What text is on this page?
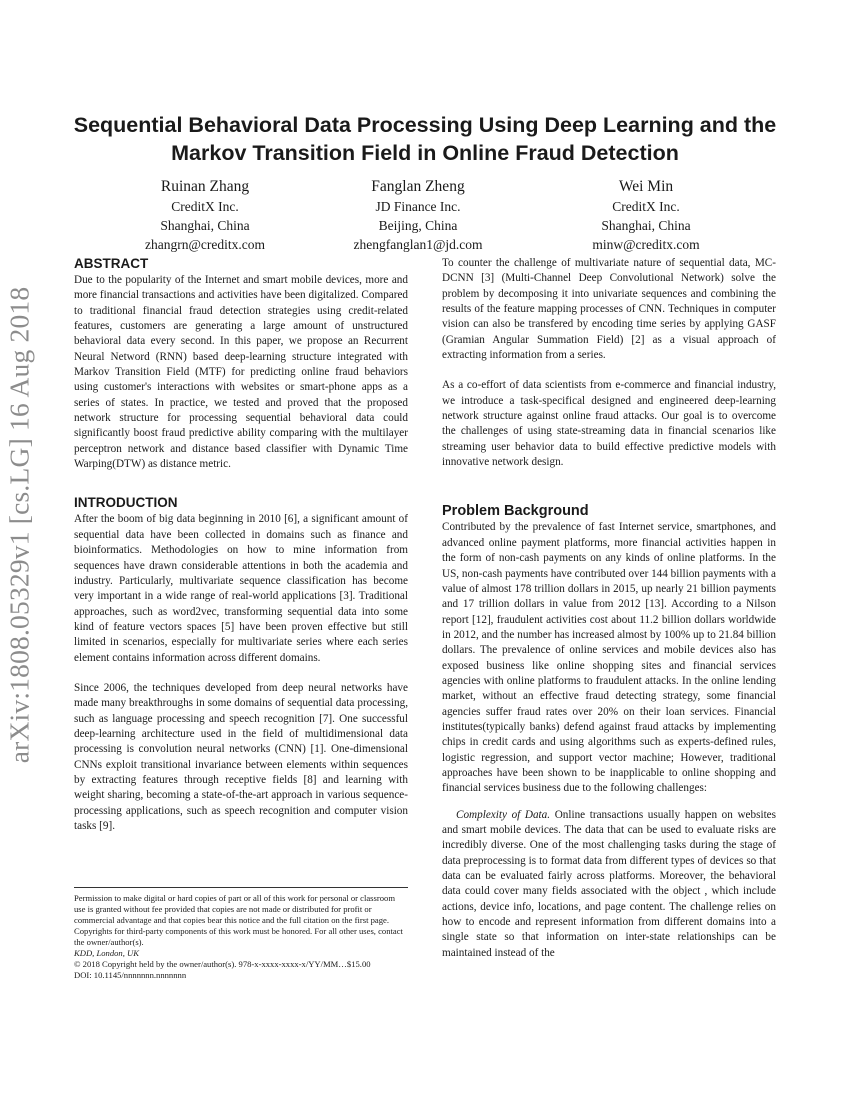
arXiv:1808.05329v1 [cs.LG] 16 Aug 2018
Sequential Behavioral Data Processing Using Deep Learning and the Markov Transition Field in Online Fraud Detection
Ruinan Zhang
CreditX Inc.
Shanghai, China
zhangrn@creditx.com
Fanglan Zheng
JD Finance Inc.
Beijing, China
zhengfanglan1@jd.com
Wei Min
CreditX Inc.
Shanghai, China
minw@creditx.com
ABSTRACT

Due to the popularity of the Internet and smart mobile devices, more and more financial transactions and activities have been digitalized. Compared to traditional financial fraud detection strategies using credit-related features, customers are generating a large amount of unstructured behavioral data every second. In this paper, we propose an Recurrent Neural Netword (RNN) based deep-learning structure integrated with Markov Transition Field (MTF) for predicting online fraud behaviors using customer's interactions with websites or smart-phone apps as a series of states. In practice, we tested and proved that the proposed network structure for processing sequential behavioral data could significantly boost fraud predictive ability comparing with the multilayer perceptron network and distance based classifier with Dynamic Time Warping(DTW) as distance metric.

INTRODUCTION

After the boom of big data beginning in 2010 [6], a significant amount of sequential data have been collected in domains such as finance and bioinformatics. Methodologies on how to mine information from sequences have drawn considerable attentions in both the academia and industry. Particularly, multivariate sequence classification has become very important in a wide range of real-world applications [3]. Traditional approaches, such as word2vec, transforming sequential data into some kind of feature vectors spaces [5] have been proven effective but still limited in scenarios, especially for multivariate series where each series element contains information across different domains.

Since 2006, the techniques developed from deep neural networks have made many breakthroughs in some domains of sequential data processing, such as language processing and speech recognition [7]. One successful deep-learning architecture used in the field of multidimensional data processing is convolution neural networks (CNN) [1]. One-dimensional CNNs exploit transitional invariance between elements within sequences by extracting features through receptive fields [8] and learning with weight sharing, becoming a state-of-the-art approach in various sequence-processing applications, such as speech recognition and computer vision tasks [9].

Permission to make digital or hard copies of part or all of this work for personal or classroom use is granted without fee provided that copies are not made or distributed for profit or commercial advantage and that copies bear this notice and the full citation on the first page. Copyrights for third-party components of this work must be honored. For all other uses, contact the owner/author(s).

KDD, London, UK

© 2018 Copyright held by the owner/author(s). 978-x-xxxx-xxxx-x/YY/MM…$15.00

DOI: 10.1145/nnnnnnn.nnnnnnn

To counter the challenge of multivariate nature of sequential data, MC-DCNN [3] (Multi-Channel Deep Convolutional Network) solve the problem by decomposing it into univariate sequences and combining the results of the feature mapping processes of CNN. Techniques in computer vision can also be transfered by encoding time series by applying GASF (Gramian Angular Summation Field) [2] as a visual approach of extracting information from a series.

As a co-effort of data scientists from e-commerce and financial industry, we introduce a task-specifical designed and engineered deep-learning network structure against online fraud attacks. Our goal is to overcome the challenges of using state-streaming data in financial scenarios like streaming user behavior data to build effective predictive models with innovative network design.

Problem Background

Contributed by the prevalence of fast Internet service, smartphones, and advanced online payment platforms, more financial activities happen in the form of non-cash payments on any kinds of online platforms. In the US, non-cash payments have contributed over 144 billion payments with a value of almost 178 trillion dollars in 2015, up nearly 21 billion payments and 17 trillion dollars in value from 2012 [13]. According to a Nilson report [12], fraudulent activities cost about 11.2 billion dollars worldwide in 2012, and the number has increased almost by 100% up to 21.84 billion dollars. The prevalence of online services and mobile devices also has exposed business like online shopping sites and financial services agencies with online platforms to fraudulent attacks. In the online lending market, without an effective fraud detecting strategy, some financial agencies suffer fraud rates over 20% on their loan services. Financial institutes(typically banks) defend against fraud attacks by implementing chips in credit cards and using algorithms such as experts-defined rules, logistic regression, and support vector machine; However, traditional approaches have been shown to be inapplicable to online shopping and financial services business due to the following challenges:

Complexity of Data. Online transactions usually happen on websites and smart mobile devices. The data that can be used to evaluate risks are incredibly diverse. One of the most challenging tasks during the stage of data preprocessing is to format data from different types of devices so that data can be evaluated fairly across platforms. Moreover, the behavioral data could cover many fields associated with the object , which include actions, device info, locations, and page content. The challenge relies on how to encode and represent information from different domains into a single state so that information on inter-state relationships can be maintained instead of the
